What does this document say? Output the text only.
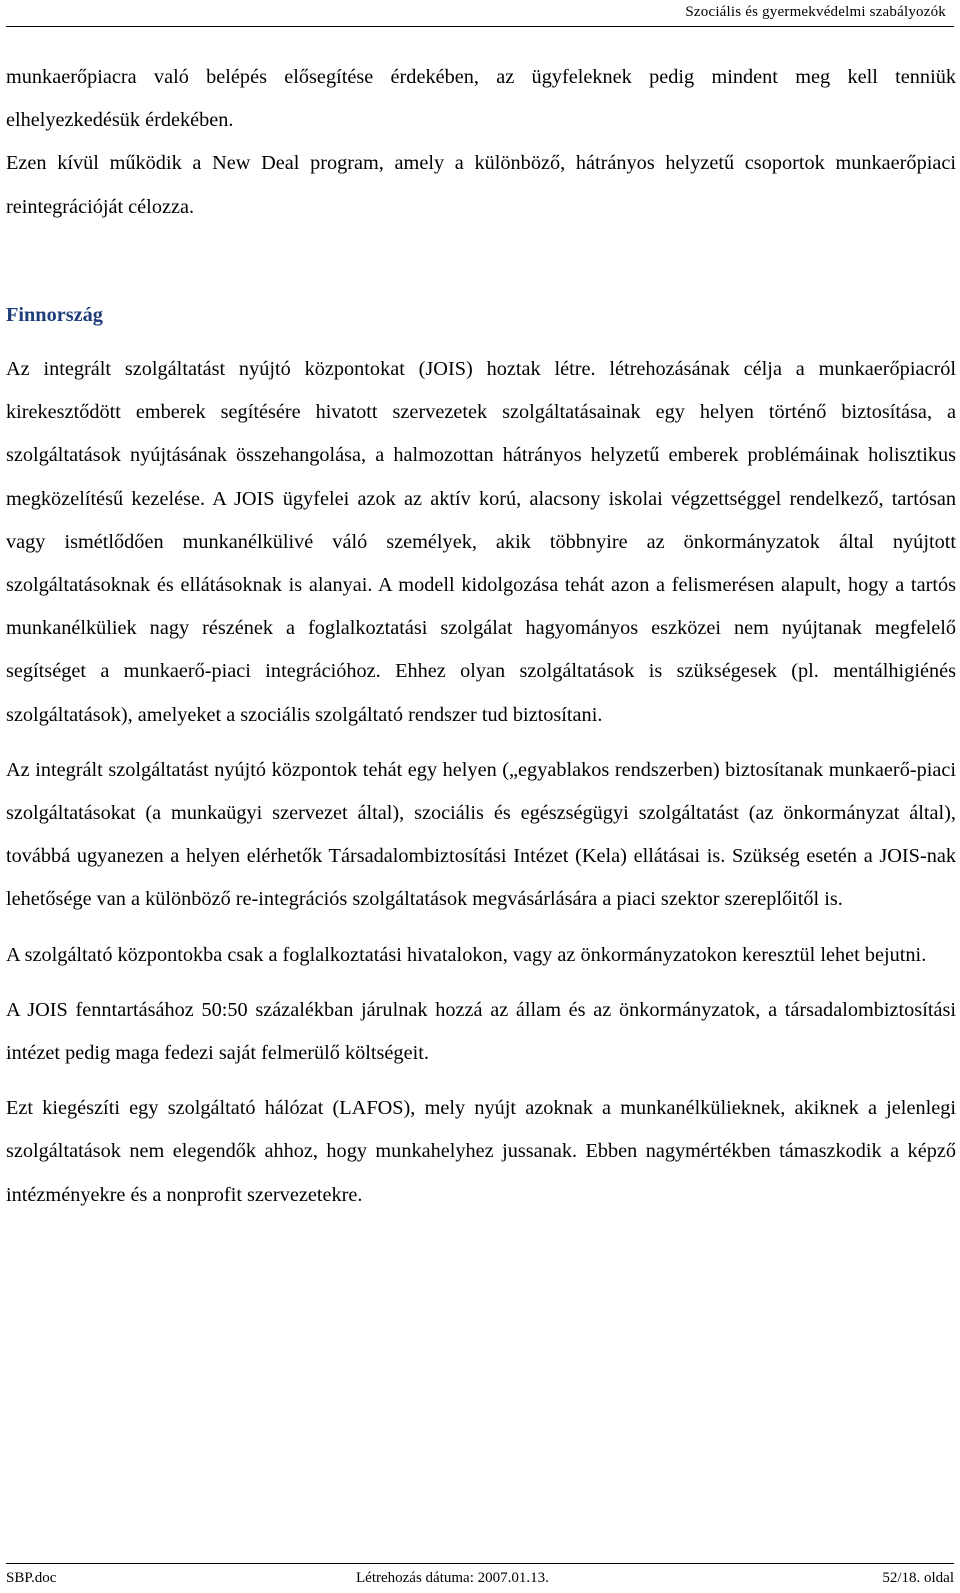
Szociális és gyermekvédelmi szabályozók

munkaerőpiacra való belépés elősegítése érdekében, az ügyfeleknek pedig mindent meg kell tenniük elhelyezkedésük érdekében.

Ezen kívül működik a New Deal program, amely a különböző, hátrányos helyzetű csoportok munkaerőpiaci reintegrációját célozza.

Finnország

Az integrált szolgáltatást nyújtó központokat (JOIS) hoztak létre. létrehozásának célja a munkaerőpiacról kirekesztődött emberek segítésére hivatott szervezetek szolgáltatásainak egy helyen történő biztosítása, a szolgáltatások nyújtásának összehangolása, a halmozottan hátrányos helyzetű emberek problémáinak holisztikus megközelítésű kezelése. A JOIS ügyfelei azok az aktív korú, alacsony iskolai végzettséggel rendelkező, tartósan vagy ismétlődően munkanélkülivé váló személyek, akik többnyire az önkormányzatok által nyújtott szolgáltatásoknak és ellátásoknak is alanyai. A modell kidolgozása tehát azon a felismerésen alapult, hogy a tartós munkanélküliek nagy részének a foglalkoztatási szolgálat hagyományos eszközei nem nyújtanak megfelelő segítséget a munkaerő-piaci integrációhoz. Ehhez olyan szolgáltatások is szükségesek (pl. mentálhigiénés szolgáltatások), amelyeket a szociális szolgáltató rendszer tud biztosítani.

Az integrált szolgáltatást nyújtó központok tehát egy helyen („egyablakos rendszerben) biztosítanak munkaerő-piaci szolgáltatásokat (a munkaügyi szervezet által), szociális és egészségügyi szolgáltatást (az önkormányzat által), továbbá ugyanezen a helyen elérhetők Társadalombiztosítási Intézet (Kela) ellátásai is. Szükség esetén a JOIS-nak lehetősége van a különböző re-integrációs szolgáltatások megvásárlására a piaci szektor szereplőitől is.

A szolgáltató központokba csak a foglalkoztatási hivatalokon, vagy az önkormányzatokon keresztül lehet bejutni.

A JOIS fenntartásához 50:50 százalékban járulnak hozzá az állam és az önkormányzatok, a társadalombiztosítási intézet pedig maga fedezi saját felmerülő költségeit.

Ezt kiegészíti egy szolgáltató hálózat (LAFOS), mely nyújt azoknak a munkanélkülieknek, akiknek a jelenlegi szolgáltatások nem elegendők ahhoz, hogy munkahelyhez jussanak. Ebben nagymértékben támaszkodik a képző intézményekre és a nonprofit szervezetekre.

SBP.doc	Létrehozás dátuma: 2007.01.13.	52/18. oldal
